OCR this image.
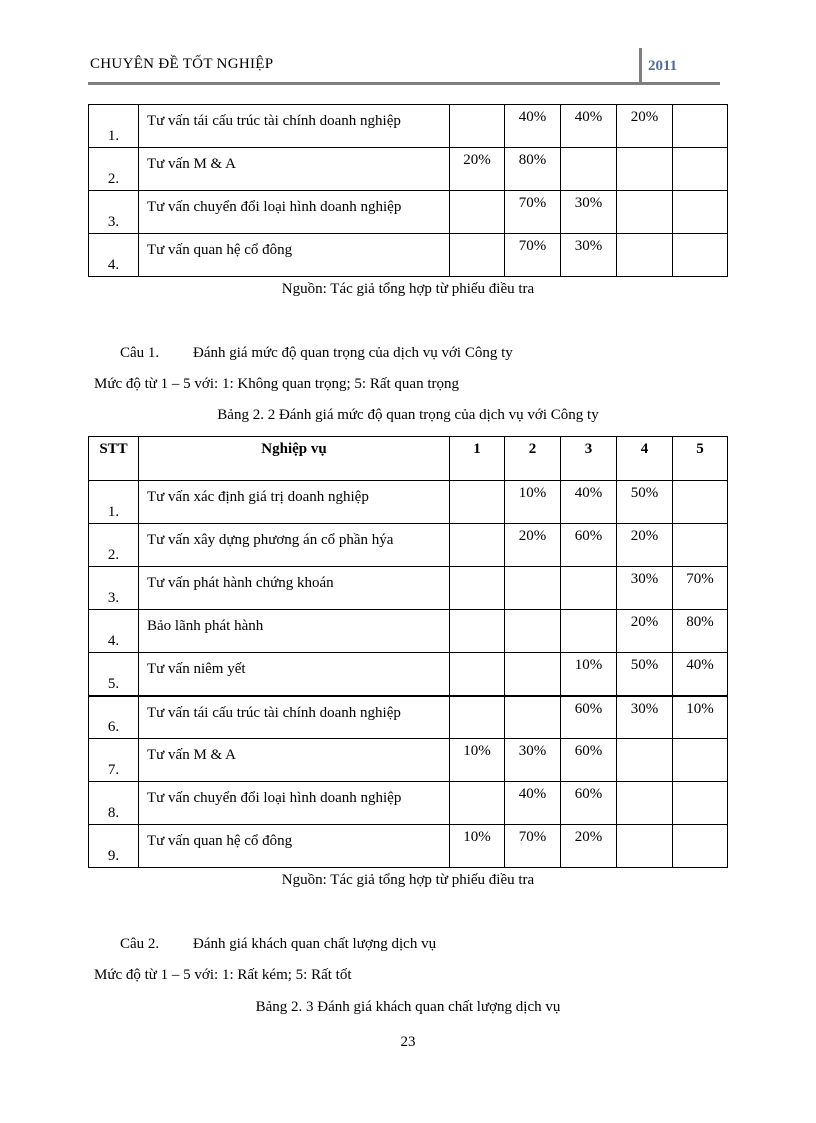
CHUYÊN ĐỀ TỐT NGHIỆP	2011
1.	Tư vấn tái cấu trúc tài chính doanh nghiệp		40%	40%	20%	
2.	Tư vấn M & A	20%	80%			
3.	Tư vấn chuyển đổi loại hình doanh nghiệp		70%	30%		
4.	Tư vấn quan hệ cổ đông		70%	30%		
Nguồn: Tác giả tổng hợp từ phiếu điều tra
Câu 1. Đánh giá mức độ quan trọng của dịch vụ với Công ty
Mức độ từ 1 – 5 với: 1: Không quan trọng; 5: Rất quan trọng
Bảng 2. 2 Đánh giá mức độ quan trọng của dịch vụ với Công ty
STT	Nghiệp vụ	1	2	3	4	5
1.	Tư vấn xác định giá trị doanh nghiệp		10%	40%	50%	
2.	Tư vấn xây dựng phương án cổ phần hýa		20%	60%	20%	
3.	Tư vấn phát hành chứng khoán				30%	70%
4.	Bảo lãnh phát hành				20%	80%
5.	Tư vấn niêm yết			10%	50%	40%
6.	Tư vấn tái cấu trúc tài chính doanh nghiệp			60%	30%	10%
7.	Tư vấn M & A	10%	30%	60%		
8.	Tư vấn chuyển đổi loại hình doanh nghiệp		40%	60%		
9.	Tư vấn quan hệ cổ đông	10%	70%	20%		
Nguồn: Tác giả tổng hợp từ phiếu điều tra
Câu 2. Đánh giá khách quan chất lượng dịch vụ
Mức độ từ 1 – 5 với: 1: Rất kém; 5: Rất tốt
Bảng 2. 3 Đánh giá khách quan chất lượng dịch vụ
23
